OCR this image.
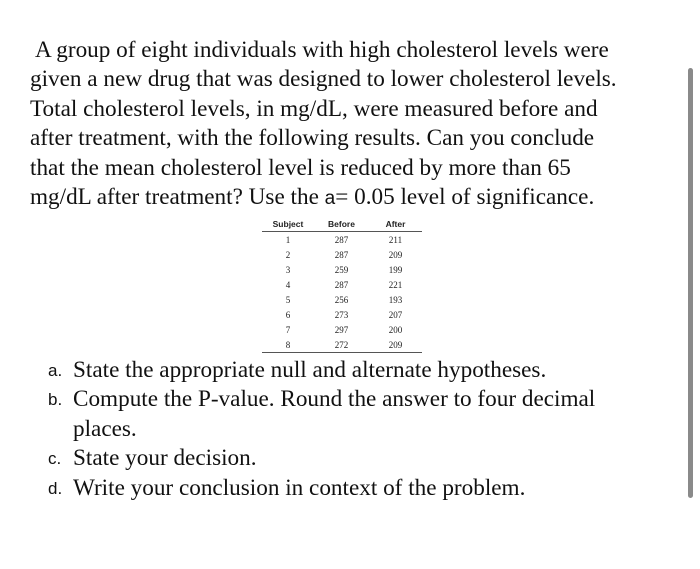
A group of eight individuals with high cholesterol levels were
given a new drug that was designed to lower cholesterol levels.
Total cholesterol levels, in mg/dL, were measured before and
after treatment, with the following results. Can you conclude
that the mean cholesterol level is reduced by more than 65
mg/dL after treatment? Use the a= 0.05 level of significance.
Subject	Before	After
1	287	211
2	287	209
3	259	199
4	287	221
5	256	193
6	273	207
7	297	200
8	272	209
a. State the appropriate null and alternate hypotheses.
b. Compute the P-value. Round the answer to four decimal
places.
c. State your decision.
d. Write your conclusion in context of the problem.
